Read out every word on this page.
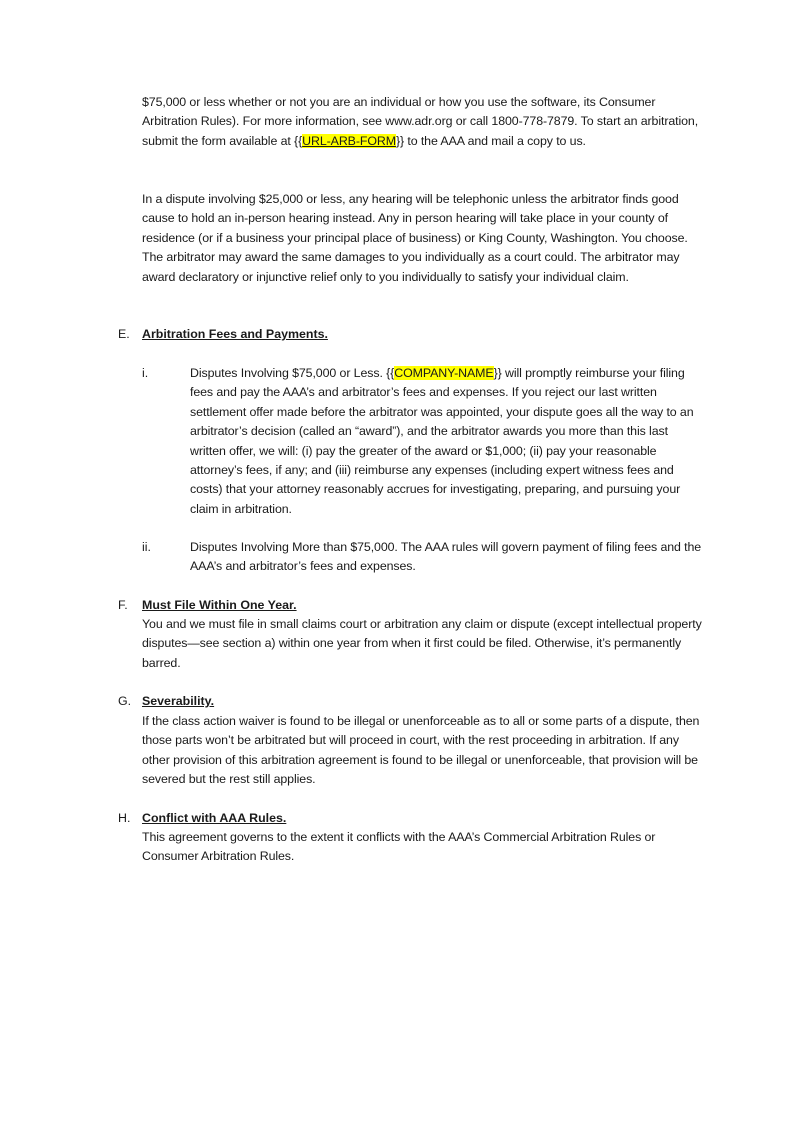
$75,000 or less whether or not you are an individual or how you use the software, its Consumer Arbitration Rules). For more information, see www.adr.org or call 1800-778-7879. To start an arbitration, submit the form available at {{URL-ARB-FORM}} to the AAA and mail a copy to us.

In a dispute involving $25,000 or less, any hearing will be telephonic unless the arbitrator finds good cause to hold an in-person hearing instead. Any in person hearing will take place in your county of residence (or if a business your principal place of business) or King County, Washington. You choose. The arbitrator may award the same damages to you individually as a court could. The arbitrator may award declaratory or injunctive relief only to you individually to satisfy your individual claim.

E. Arbitration Fees and Payments.

i.	Disputes Involving $75,000 or Less. {{COMPANY-NAME}} will promptly reimburse your filing fees and pay the AAA’s and arbitrator’s fees and expenses. If you reject our last written settlement offer made before the arbitrator was appointed, your dispute goes all the way to an arbitrator’s decision (called an “award”), and the arbitrator awards you more than this last written offer, we will: (i) pay the greater of the award or $1,000; (ii) pay your reasonable attorney’s fees, if any; and (iii) reimburse any expenses (including expert witness fees and costs) that your attorney reasonably accrues for investigating, preparing, and pursuing your claim in arbitration.

ii.	Disputes Involving More than $75,000. The AAA rules will govern payment of filing fees and the AAA’s and arbitrator’s fees and expenses.

F. Must File Within One Year.

You and we must file in small claims court or arbitration any claim or dispute (except intellectual property disputes—see section a) within one year from when it first could be filed. Otherwise, it’s permanently barred.

G. Severability.

If the class action waiver is found to be illegal or unenforceable as to all or some parts of a dispute, then those parts won’t be arbitrated but will proceed in court, with the rest proceeding in arbitration. If any other provision of this arbitration agreement is found to be illegal or unenforceable, that provision will be severed but the rest still applies.

H. Conflict with AAA Rules.

This agreement governs to the extent it conflicts with the AAA’s Commercial Arbitration Rules or Consumer Arbitration Rules.
